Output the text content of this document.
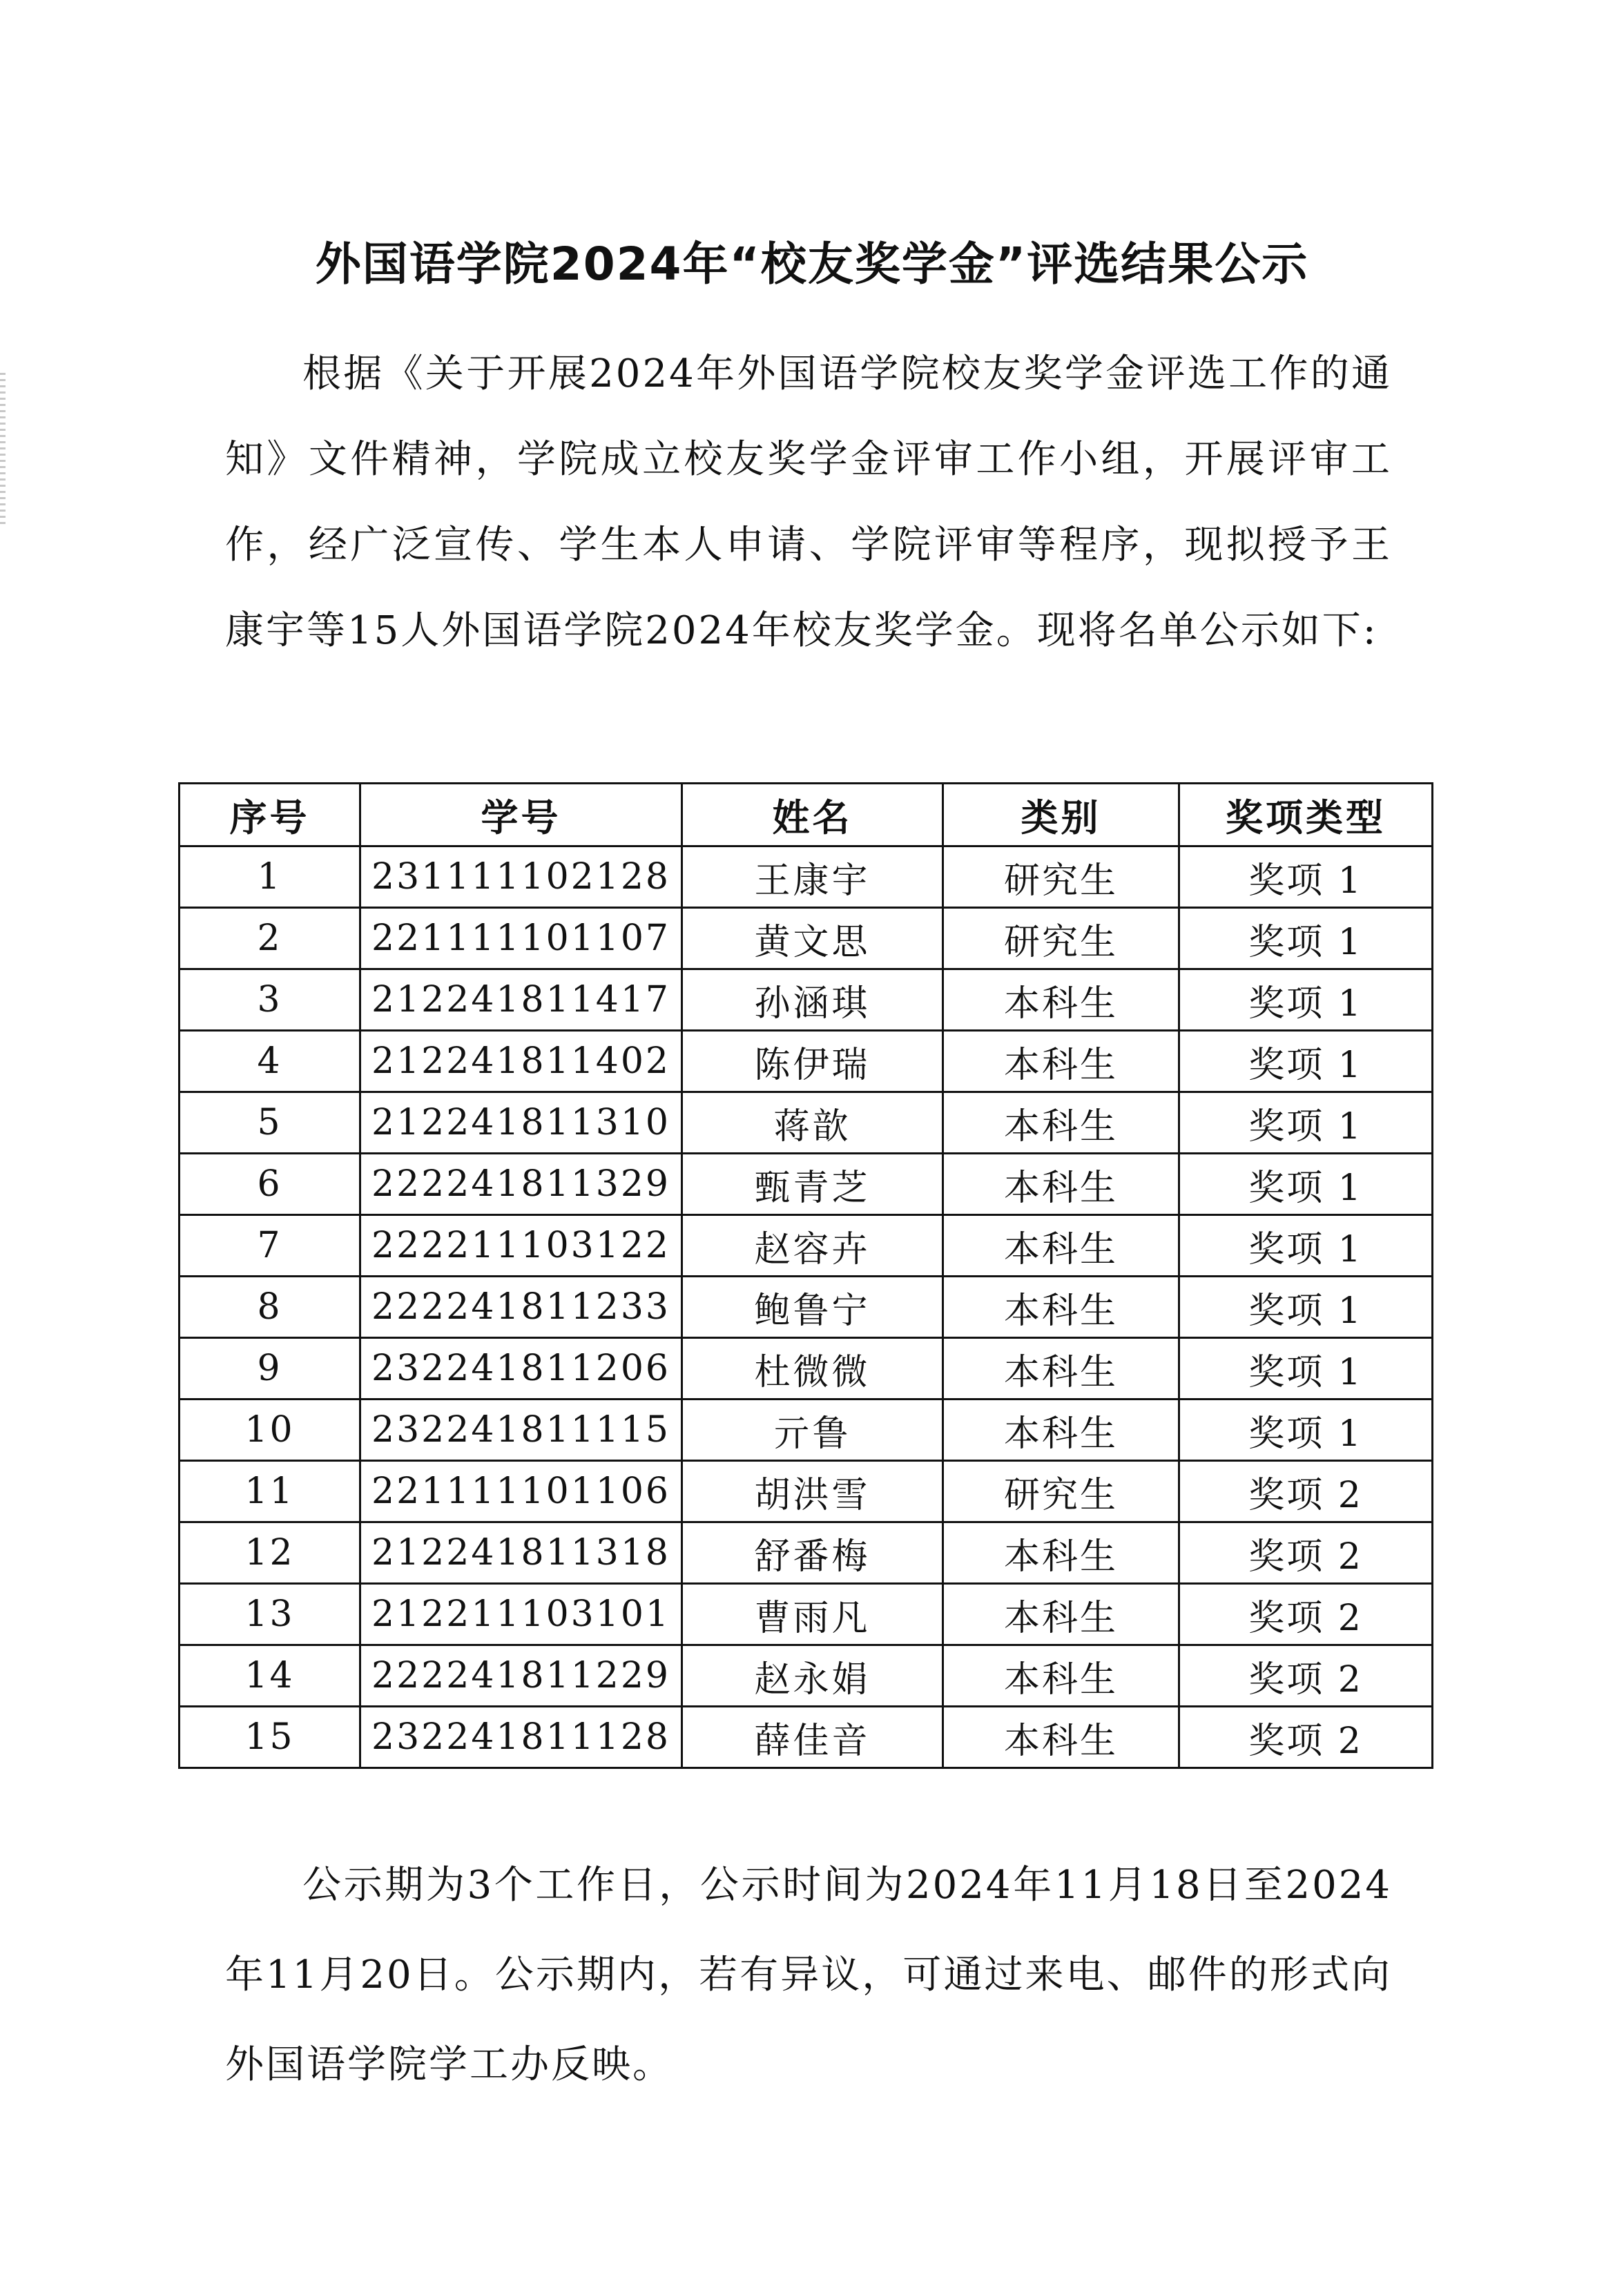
外国语学院2024年“校友奖学金”评选结果公示
根据《关于开展2024年外国语学院校友奖学金评选工作的通知》文件精神，学院成立校友奖学金评审工作小组，开展评审工作，经广泛宣传、学生本人申请、学院评审等程序，现拟授予王康宇等15人外国语学院2024年校友奖学金。现将名单公示如下:
序号	学号	姓名	类别	奖项类型
1	231111102128	王康宇	研究生	奖项 1
2	221111101107	黄文思	研究生	奖项 1
3	212241811417	孙涵琪	本科生	奖项 1
4	212241811402	陈伊瑞	本科生	奖项 1
5	212241811310	蒋歆	本科生	奖项 1
6	222241811329	甄青芝	本科生	奖项 1
7	222211103122	赵容卉	本科生	奖项 1
8	222241811233	鲍鲁宁	本科生	奖项 1
9	232241811206	杜微微	本科生	奖项 1
10	232241811115	亓鲁	本科生	奖项 1
11	221111101106	胡洪雪	研究生	奖项 2
12	212241811318	舒番梅	本科生	奖项 2
13	212211103101	曹雨凡	本科生	奖项 2
14	222241811229	赵永娟	本科生	奖项 2
15	232241811128	薛佳音	本科生	奖项 2
公示期为3个工作日，公示时间为2024年11月18日至2024年11月20日。公示期内，若有异议，可通过来电、邮件的形式向外国语学院学工办反映。
